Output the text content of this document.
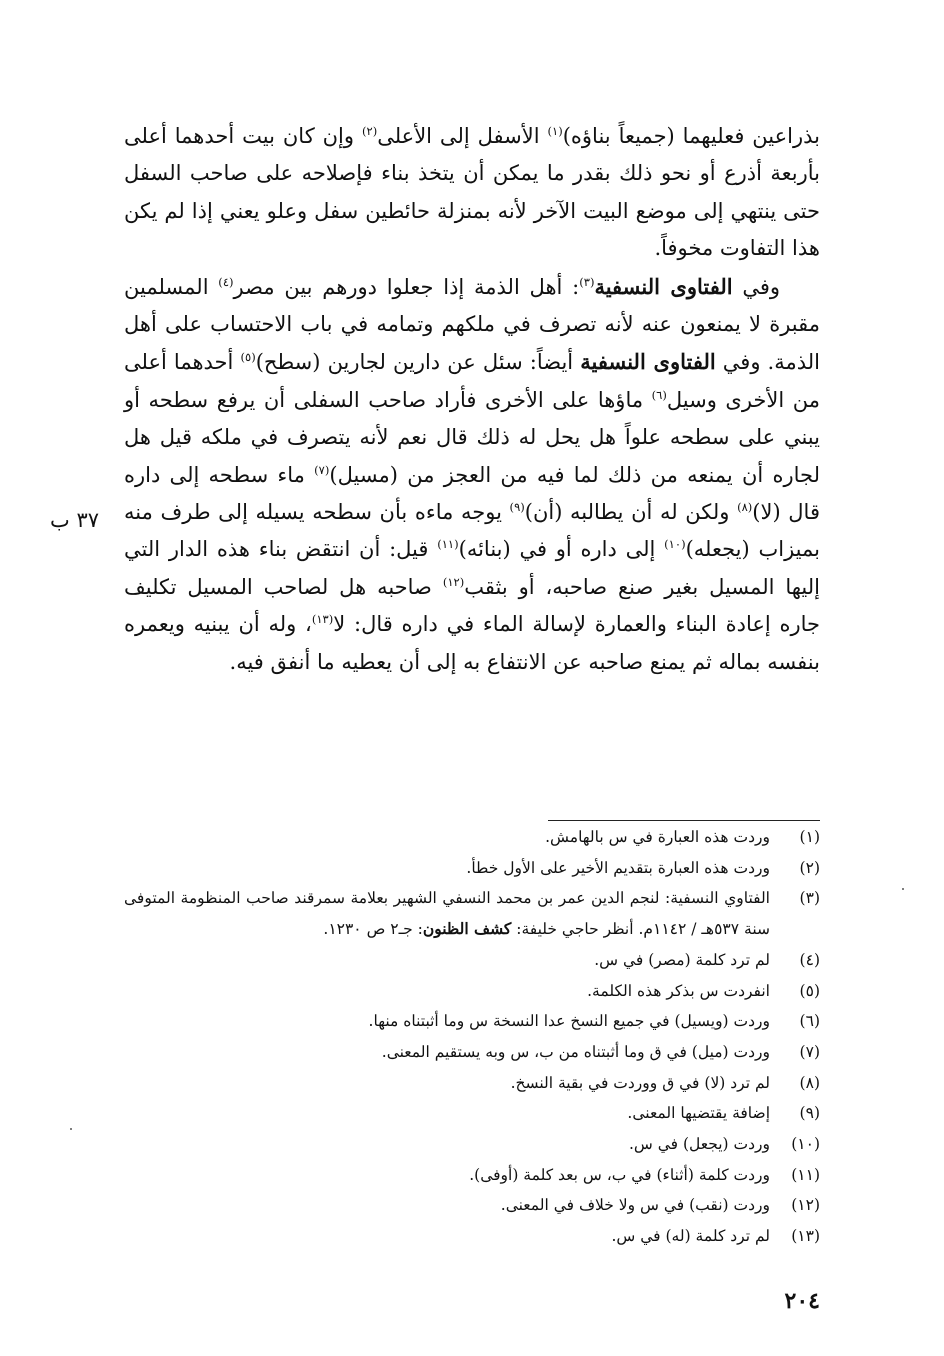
بذراعين فعليهما (جميعاً بناؤه)$^{(١)}$ الأسفل إلى الأعلى$^{(٢)}$ وإن كان بيت أحدهما أعلى بأربعة أذرع أو نحو ذلك بقدر ما يمكن أن يتخذ بناء فإصلاحه على صاحب السفل حتى ينتهي إلى موضع البيت الآخر لأنه بمنزلة حائطين سفل وعلو يعني إذا لم يكن هذا التفاوت مخوفاً.

وفي الفتاوى النسفية$^{(٣)}$: أهل الذمة إذا جعلوا دورهم بين مصر$^{(٤)}$ المسلمين مقبرة لا يمنعون عنه لأنه تصرف في ملكهم وتمامه في باب الاحتساب على أهل الذمة. وفي الفتاوى النسفية أيضاً: سئل عن دارين لجارين (سطح)$^{(٥)}$ أحدهما أعلى من الأخرى وسيل$^{(٦)}$ ماؤها على الأخرى فأراد صاحب السفلى أن يرفع سطحه أو يبني على سطحه علواً هل يحل له ذلك قال نعم لأنه يتصرف في ملكه قيل هل لجاره أن يمنعه من ذلك لما فيه من العجز من (مسيل)$^{(٧)}$ ماء سطحه إلى داره قال (لا)$^{(٨)}$ ولكن له أن يطالبه (أن)$^{(٩)}$ يوجه ماءه بأن سطحه يسيله إلى طرف منه بميزاب (يجعله)$^{(١٠)}$ إلى داره أو في (بنائه)$^{(١١)}$ قيل: أن انتقض بناء هذه الدار التي إليها المسيل بغير صنع صاحبه، أو بثقب$^{(١٢)}$ صاحبه هل لصاحب المسيل تكليف جاره إعادة البناء والعمارة لإسالة الماء في داره قال: لا$^{(١٣)}$، وله أن يبنيه ويعمره بنفسه بماله ثم يمنع صاحبه عن الانتفاع به إلى أن يعطيه ما أنفق فيه.

٣٧ ب
(١)
وردت هذه العبارة في س بالهامش.
(٢)
وردت هذه العبارة بتقديم الأخير على الأول خطأ.
(٣)
الفتاوي النسفية: لنجم الدين عمر بن محمد النسفي الشهير بعلامة سمرقند صاحب المنظومة المتوفى سنة ٥٣٧هـ / ١١٤٢م. أنظر حاجي خليفة: كشف الظنون: جـ٢ ص ١٢٣٠.
(٤)
لم ترد كلمة (مصر) في س.
(٥)
انفردت س بذكر هذه الكلمة.
(٦)
وردت (ويسيل) في جميع النسخ عدا النسخة س وما أثبتناه منها.
(٧)
وردت (ميل) في ق وما أثبتناه من ب، س وبه يستقيم المعنى.
(٨)
لم ترد (لا) في ق ووردت في بقية النسخ.
(٩)
إضافة يقتضيها المعنى.
(١٠)
وردت (يجعل) في س.
(١١)
وردت كلمة (أثناء) في ب، س بعد كلمة (أوفى).
(١٢)
وردت (نقب) في س ولا خلاف في المعنى.
(١٣)
لم ترد كلمة (له) في س.
٢٠٤
